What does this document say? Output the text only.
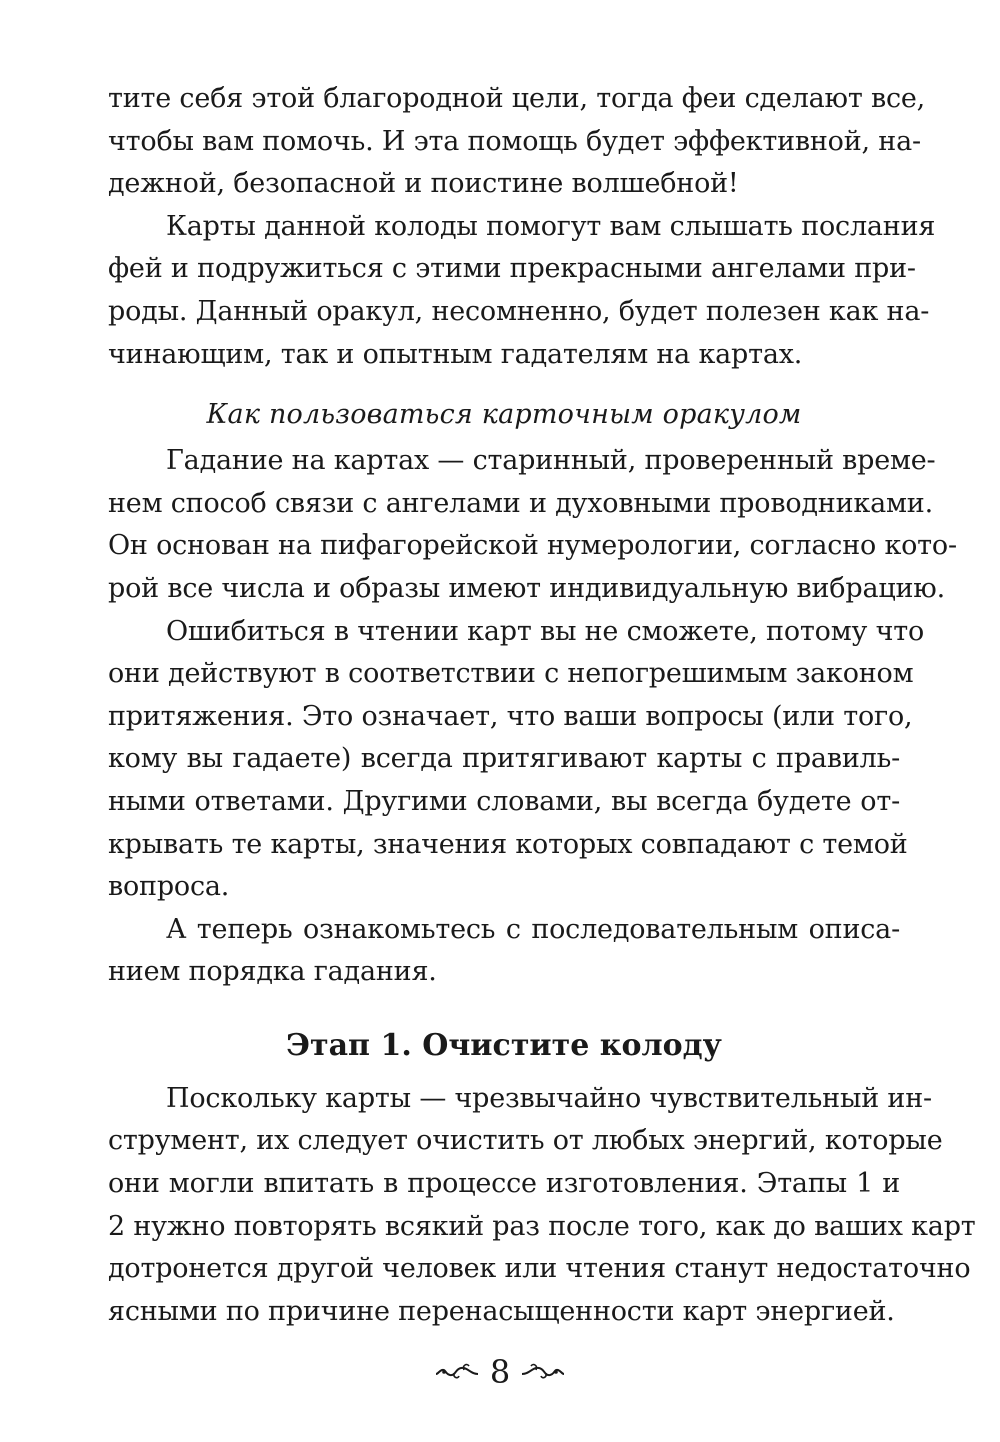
тите себя этой благородной цели, тогда феи сделают все,
чтобы вам помочь. И эта помощь будет эффективной, на-
дежной, безопасной и поистине волшебной!
Карты данной колоды помогут вам слышать послания
фей и подружиться с этими прекрасными ангелами при-
роды. Данный оракул, несомненно, будет полезен как на-
чинающим, так и опытным гадателям на картах.
Как пользоваться карточным оракулом
Гадание на картах — старинный, проверенный време-
нем способ связи с ангелами и духовными проводниками.
Он основан на пифагорейской нумерологии, согласно кото-
рой все числа и образы имеют индивидуальную вибрацию.
Ошибиться в чтении карт вы не сможете, потому что
они действуют в соответствии с непогрешимым законом
притяжения. Это означает, что ваши вопросы (или того,
кому вы гадаете) всегда притягивают карты с правиль-
ными ответами. Другими словами, вы всегда будете от-
крывать те карты, значения которых совпадают с темой
вопроса.
А теперь ознакомьтесь с последовательным описа-
нием порядка гадания.
Этап 1. Очистите колоду
Поскольку карты — чрезвычайно чувствительный ин-
струмент, их следует очистить от любых энергий, которые
они могли впитать в процессе изготовления. Этапы 1 и
2 нужно повторять всякий раз после того, как до ваших карт
дотронется другой человек или чтения станут недостаточно
ясными по причине перенасыщенности карт энергией.
8
